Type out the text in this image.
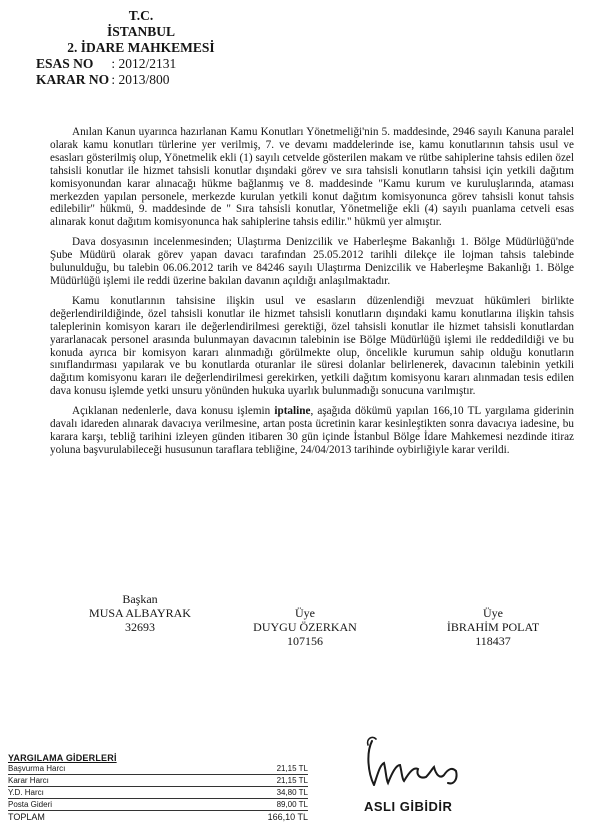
T.C.
İSTANBUL
2. İDARE MAHKEMESİ
ESAS NO : 2012/2131
KARAR NO : 2013/800

Anılan Kanun uyarınca hazırlanan Kamu Konutları Yönetmeliği'nin 5. maddesinde, 2946 sayılı Kanuna paralel olarak kamu konutları türlerine yer verilmiş, 7. ve devamı maddelerinde ise, kamu konutlarının tahsis usul ve esasları gösterilmiş olup, Yönetmelik ekli (1) sayılı cetvelde gösterilen makam ve rütbe sahiplerine tahsis edilen özel tahsisli konutlar ile hizmet tahsisli konutlar dışındaki görev ve sıra tahsisli konutların tahsisi için yetkili dağıtım komisyonundan karar alınacağı hükme bağlanmış ve 8. maddesinde "Kamu kurum ve kuruluşlarında, ataması merkezden yapılan personele, merkezde kurulan yetkili konut dağıtım komisyonunca görev tahsisli konut tahsis edilebilir" hükmü, 9. maddesinde de " Sıra tahsisli konutlar, Yönetmeliğe ekli (4) sayılı puanlama cetveli esas alınarak konut dağıtım komisyonunca hak sahiplerine tahsis edilir." hükmü yer almıştır.

Dava dosyasının incelenmesinden; Ulaştırma Denizcilik ve Haberleşme Bakanlığı 1. Bölge Müdürlüğü'nde Şube Müdürü olarak görev yapan davacı tarafından 25.05.2012 tarihli dilekçe ile lojman tahsis talebinde bulunulduğu, bu talebin 06.06.2012 tarih ve 84246 sayılı Ulaştırma Denizcilik ve Haberleşme Bakanlığı 1. Bölge Müdürlüğü işlemi ile reddi üzerine bakılan davanın açıldığı anlaşılmaktadır.

Kamu konutlarının tahsisine ilişkin usul ve esasların düzenlendiği mevzuat hükümleri birlikte değerlendirildiğinde, özel tahsisli konutlar ile hizmet tahsisli konutların dışındaki kamu konutlarına ilişkin tahsis taleplerinin komisyon kararı ile değerlendirilmesi gerektiği, özel tahsisli konutlar ile hizmet tahsisli konutlardan yararlanacak personel arasında bulunmayan davacının talebinin ise Bölge Müdürlüğü işlemi ile reddedildiği ve bu konuda ayrıca bir komisyon kararı alınmadığı görülmekte olup, öncelikle kurumun sahip olduğu konutların sınıflandırması yapılarak ve bu konutlarda oturanlar ile süresi dolanlar belirlenerek, davacının talebinin yetkili dağıtım komisyonu kararı ile değerlendirilmesi gerekirken, yetkili dağıtım komisyonu kararı alınmadan tesis edilen dava konusu işlemde yetki unsuru yönünden hukuka uyarlık bulunmadığı sonucuna varılmıştır.

Açıklanan nedenlerle, dava konusu işlemin iptaline, aşağıda dökümü yapılan 166,10 TL yargılama giderinin davalı idareden alınarak davacıya verilmesine, artan posta ücretinin karar kesinleştikten sonra davacıya iadesine, bu karara karşı, tebliğ tarihini izleyen günden itibaren 30 gün içinde İstanbul Bölge İdare Mahkemesi nezdinde itiraz yoluna başvurulabileceği hususunun taraflara tebliğine, 24/04/2013 tarihinde oybirliğiyle karar verildi.

Başkan
MUSA ALBAYRAK
32693
Üye
DUYGU ÖZERKAN
107156
Üye
İBRAHİM POLAT
118437
YARGILAMA GİDERLERİ
Başvurma Harcı	21,15 TL
Karar Harcı	21,15 TL
Y.D. Harcı	34,80 TL
Posta Gideri	89,00 TL
TOPLAM	166,10 TL
ASLI GİBİDİR
